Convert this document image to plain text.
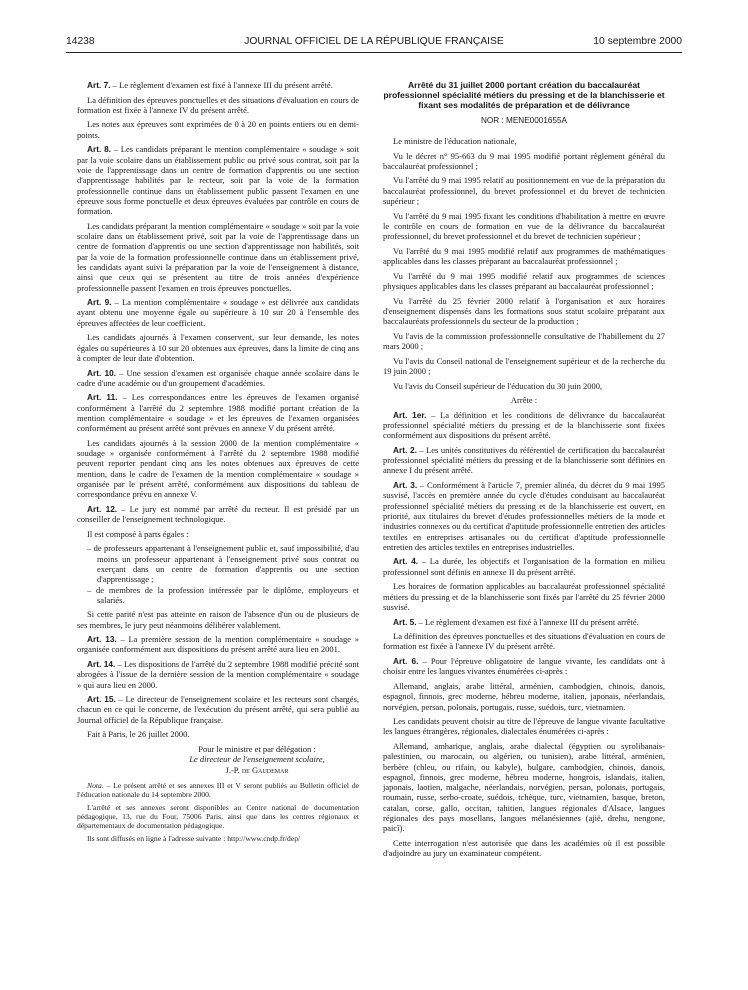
14238	JOURNAL OFFICIEL DE LA RÉPUBLIQUE FRANÇAISE	10 septembre 2000

Art. 7. – Le règlement d'examen est fixé à l'annexe III du présent arrêté.

La définition des épreuves ponctuelles et des situations d'évaluation en cours de formation est fixée à l'annexe IV du présent arrêté.

Les notes aux épreuves sont exprimées de 0 à 20 en points entiers ou en demi-points.

Art. 8. – Les candidats préparant le mention complémentaire « soudage » soit par la voie scolaire dans un établissement public ou privé sous contrat, soit par la voie de l'apprentissage dans un centre de formation d'apprentis ou une section d'apprentissage habilités par le recteur, soit par la voie de la formation professionnelle continue dans un établissement public passent l'examen en une épreuve sous forme ponctuelle et deux épreuves évaluées par contrôle en cours de formation.

Les candidats préparant la mention complémentaire « soudage » soit par la voie scolaire dans un établissement privé, soit par la voie de l'apprentissage dans un centre de formation d'apprentis ou une section d'apprentissage non habilités, soit par la voie de la formation professionnelle continue dans un établissement privé, les candidats ayant suivi la préparation par la voie de l'enseignement à distance, ainsi que ceux qui se présentent au titre de trois années d'expérience professionnelle passent l'examen en trois épreuves ponctuelles.

Art. 9. – La mention complémentaire « soudage » est délivrée aux candidats ayant obtenu une moyenne égale ou supérieure à 10 sur 20 à l'ensemble des épreuves affectées de leur coefficient.

Les candidats ajournés à l'examen conservent, sur leur demande, les notes égales ou supérieures à 10 sur 20 obtenues aux épreuves, dans la limite de cinq ans à compter de leur date d'obtention.

Art. 10. – Une session d'examen est organisée chaque année scolaire dans le cadre d'une académie ou d'un groupement d'académies.

Art. 11. – Les correspondances entre les épreuves de l'examen organisé conformément à l'arrêté du 2 septembre 1988 modifié portant création de la mention complémentaire « soudage » et les épreuves de l'examen organisées conformément au présent arrêté sont prévues en annexe V du présent arrêté.

Les candidats ajournés à la session 2000 de la mention complémentaire « soudage » organisée conformément à l'arrêté du 2 septembre 1988 modifié peuvent reporter pendant cinq ans les notes obtenues aux épreuves de cette mention, dans le cadre de l'examen de la mention complémentaire « soudage » organisée par le présent arrêté, conformément aux dispositions du tableau de correspondance prévu en annexe V.

Art. 12. – Le jury est nommé par arrêté du recteur. Il est présidé par un conseiller de l'enseignement technologique.

Il est composé à parts égales :

– de professeurs appartenant à l'enseignement public et, sauf impossibilité, d'au moins un professeur appartenant à l'enseignement privé sous contrat ou exerçant dans un centre de formation d'apprentis ou une section d'apprentissage ;
– de membres de la profession intéressée par le diplôme, employeurs et salariés.

Si cette parité n'est pas atteinte en raison de l'absence d'un ou de plusieurs de ses membres, le jury peut néanmoins délibérer valablement.

Art. 13. – La première session de la mention complémentaire « soudage » organisée conformément aux dispositions du présent arrêté aura lieu en 2001.

Art. 14. – Les dispositions de l'arrêté du 2 septembre 1988 modifié précité sont abrogées à l'issue de la dernière session de la mention complémentaire « soudage » qui aura lieu en 2000.

Art. 15. – Le directeur de l'enseignement scolaire et les recteurs sont chargés, chacun en ce qui le concerne, de l'exécution du présent arrêté, qui sera publié au Journal officiel de la République française.

Fait à Paris, le 26 juillet 2000.

Pour le ministre et par délégation :
Le directeur de l'enseignement scolaire,
J.-P. de Gaudemar

Nota. – Le présent arrêté et ses annexes III et V seront publiés au Bulletin officiel de l'éducation nationale du 14 septembre 2000.

L'arrêté et ses annexes seront disponibles au Centre national de documentation pédagogique, 13, rue du Four, 75006 Paris, ainsi que dans les centres régionaux et départementaux de documentation pédagogique.

Ils sont diffusés en ligne à l'adresse suivante : http://www.cndp.fr/dep/

Arrêté du 31 juillet 2000 portant création du baccalauréat professionnel spécialité métiers du pressing et de la blanchisserie et fixant ses modalités de préparation et de délivrance
NOR : MENE0001655A

Le ministre de l'éducation nationale,

Vu le décret n° 95-663 du 9 mai 1995 modifié portant règlement général du baccalauréat professionnel ;

Vu l'arrêté du 9 mai 1995 relatif au positionnement en vue de la préparation du baccalauréat professionnel, du brevet professionnel et du brevet de technicien supérieur ;

Vu l'arrêté du 9 mai 1995 fixant les conditions d'habilitation à mettre en œuvre le contrôle en cours de formation en vue de la délivrance du baccalauréat professionnel, du brevet professionnel et du brevet de technicien supérieur ;

Vu l'arrêté du 9 mai 1995 modifié relatif aux programmes de mathématiques applicables dans les classes préparant au baccalauréat professionnel ;

Vu l'arrêté du 9 mai 1995 modifié relatif aux programmes de sciences physiques applicables dans les classes préparant au baccalauréat professionnel ;

Vu l'arrêté du 25 février 2000 relatif à l'organisation et aux horaires d'enseignement dispensés dans les formations sous statut scolaire préparant aux baccalauréats professionnels du secteur de la production ;

Vu l'avis de la commission professionnelle consultative de l'habillement du 27 mars 2000 ;

Vu l'avis du Conseil national de l'enseignement supérieur et de la recherche du 19 juin 2000 ;

Vu l'avis du Conseil supérieur de l'éducation du 30 juin 2000,

Arrête :

Art. 1er. – La définition et les conditions de délivrance du baccalauréat professionnel spécialité métiers du pressing et de la blanchisserie sont fixées conformément aux dispositions du présent arrêté.

Art. 2. – Les unités constitutives du référentiel de certification du baccalauréat professionnel spécialité métiers du pressing et de la blanchisserie sont définies en annexe I du présent arrêté.

Art. 3. – Conformément à l'article 7, premier alinéa, du décret du 9 mai 1995 susvisé, l'accès en première année du cycle d'études conduisant au baccalauréat professionnel spécialité métiers du pressing et de la blanchisserie est ouvert, en priorité, aux titulaires du brevet d'études professionnelles métiers de la mode et industries connexes ou du certificat d'aptitude professionnelle entretien des articles textiles en entreprises artisanales ou du certificat d'aptitude professionnelle entretien des articles textiles en entreprises industrielles.

Art. 4. – La durée, les objectifs et l'organisation de la formation en milieu professionnel sont définis en annexe II du présent arrêté.

Les horaires de formation applicables au baccalauréat professionnel spécialité métiers du pressing et de la blanchisserie sont fixés par l'arrêté du 25 février 2000 susvisé.

Art. 5. – Le règlement d'examen est fixé à l'annexe III du présent arrêté.

La définition des épreuves ponctuelles et des situations d'évaluation en cours de formation est fixée à l'annexe IV du présent arrêté.

Art. 6. – Pour l'épreuve obligatoire de langue vivante, les candidats ont à choisir entre les langues vivantes énumérées ci-après :

Allemand, anglais, arabe littéral, arménien, cambodgien, chinois, danois, espagnol, finnois, grec moderne, hébreu moderne, italien, japonais, néerlandais, norvégien, persan, polonais, portugais, russe, suédois, turc, vietnamien.

Les candidats peuvent choisir au titre de l'épreuve de langue vivante facultative les langues étrangères, régionales, dialectales énumérées ci-après :

Allemand, amharique, anglais, arabe dialectal (égyptien ou syrolibanais-palestinien, ou marocain, ou algérien, ou tunisien), arabe littéral, arménien, berbère (chleu, ou rifain, ou kabyle), bulgare, cambodgien, chinois, danois, espagnol, finnois, grec moderne, hébreu moderne, hongrois, islandais, italien, japonais, laotien, malgache, néerlandais, norvégien, persan, polonais, portugais, roumain, russe, serbo-croate, suédois, tchèque, turc, vietnamien, basque, breton, catalan, corse, gallo, occitan, tahitien, langues régionales d'Alsace, langues régionales des pays mosellans, langues mélanésiennes (ajië, drehu, nengone, paicî).

Cette interrogation n'est autorisée que dans les académies où il est possible d'adjoindre au jury un examinateur compétent.
